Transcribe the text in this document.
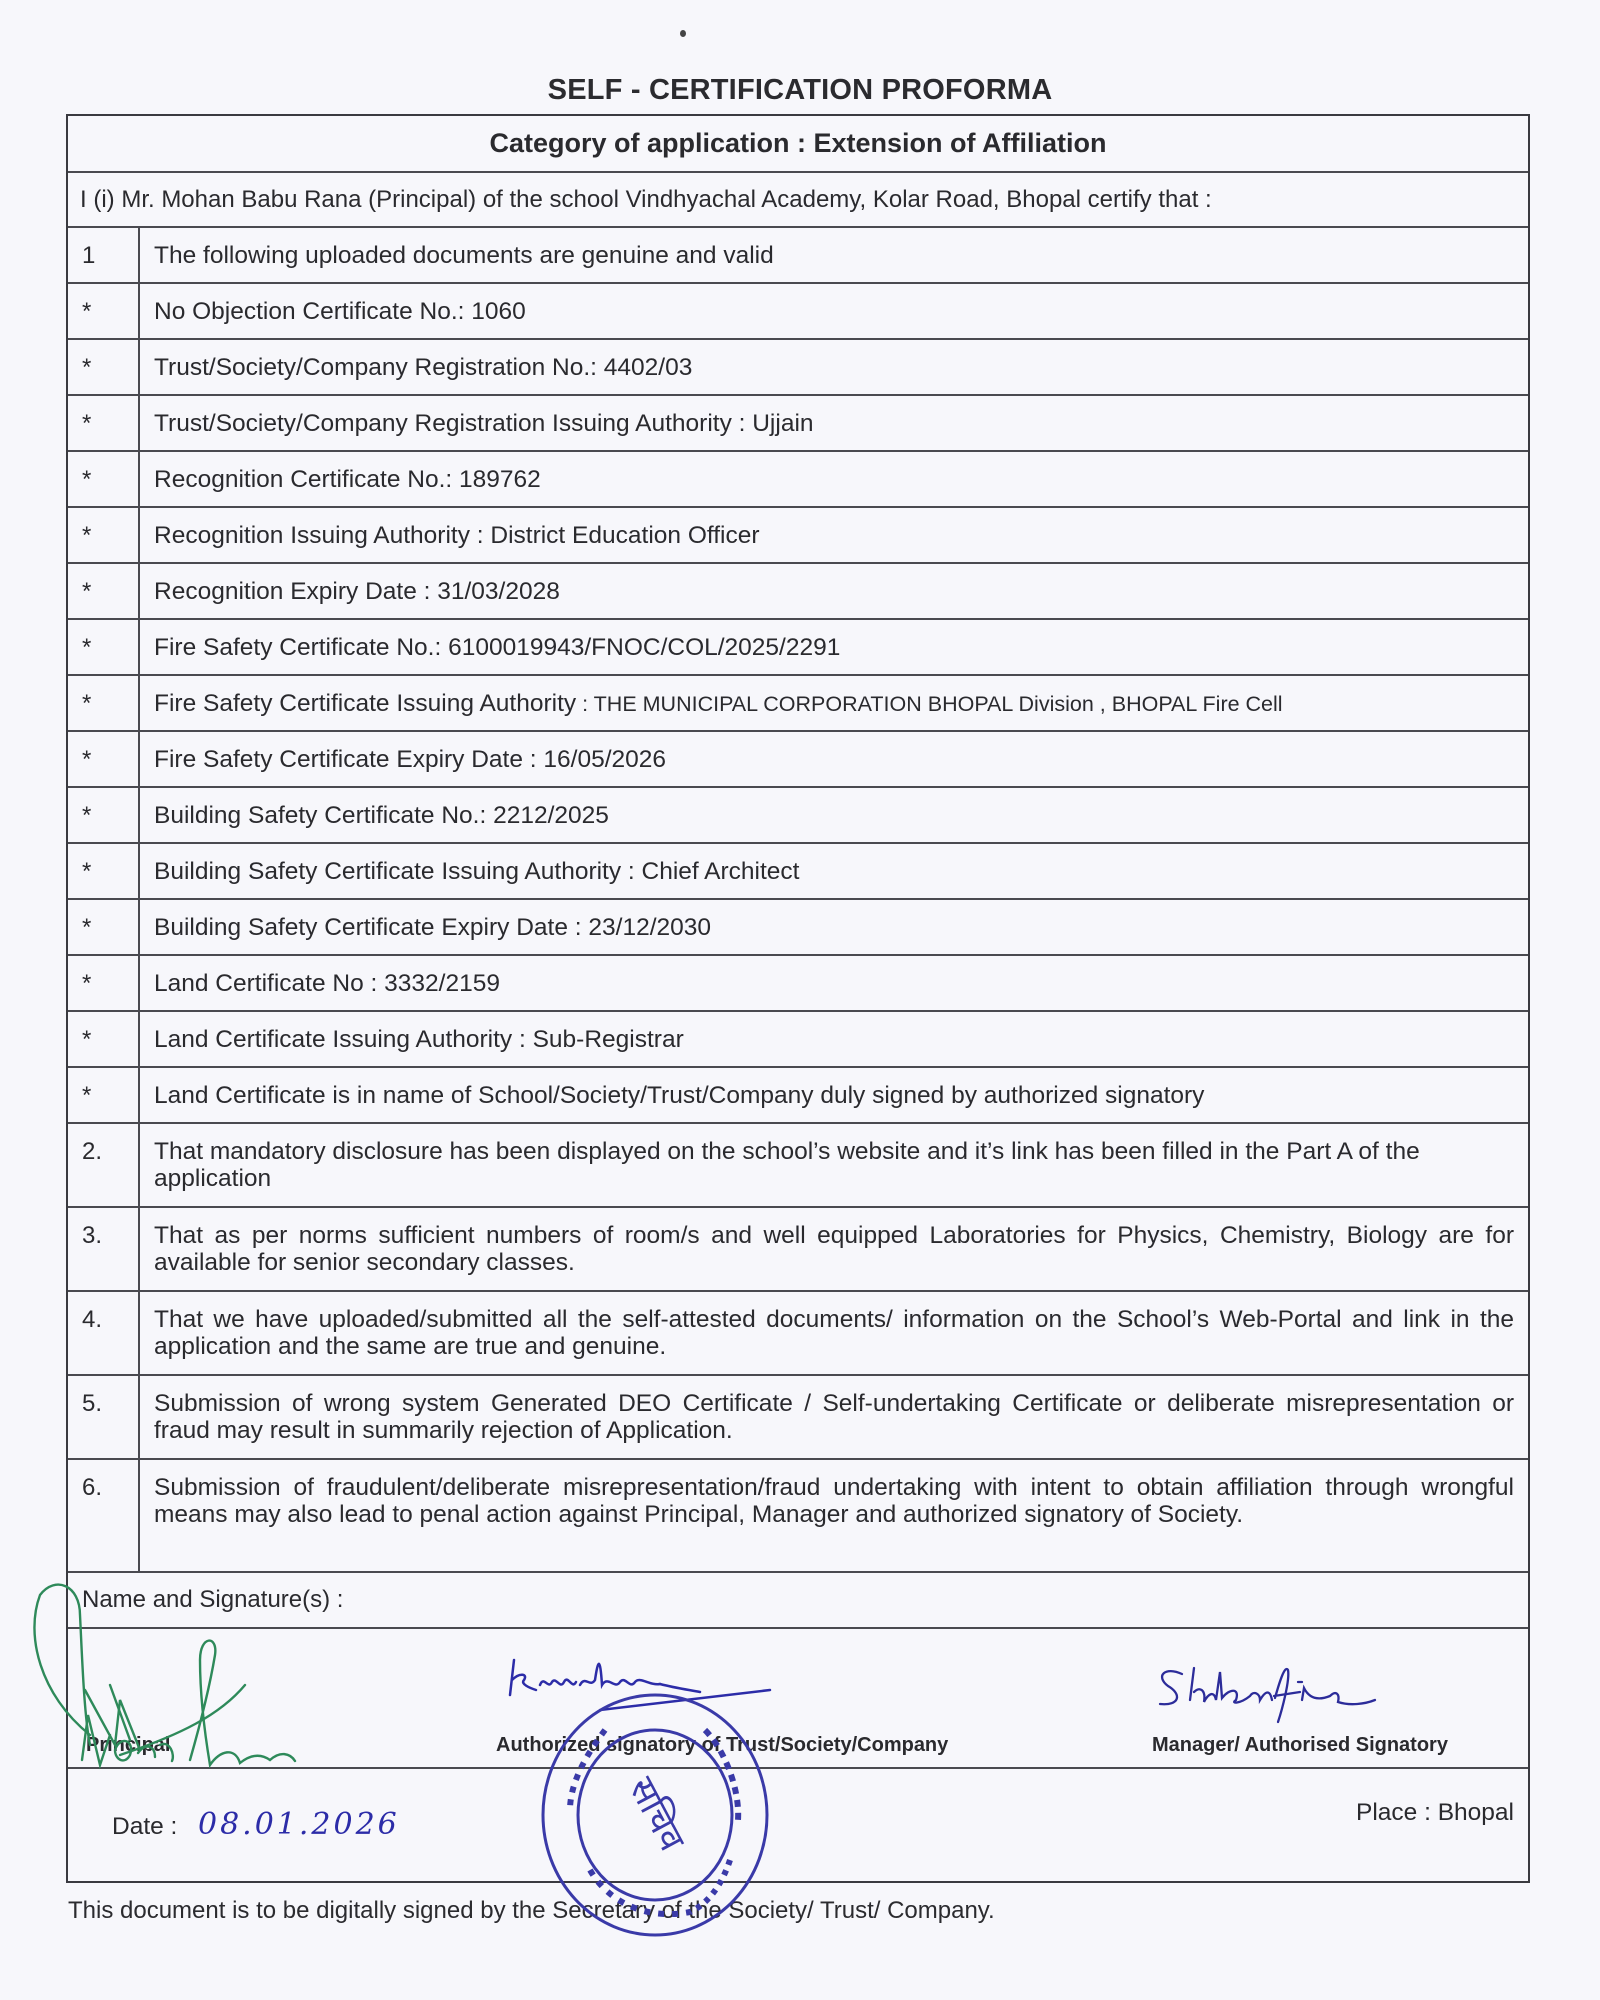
SELF - CERTIFICATION PROFORMA
Category of application : Extension of Affiliation
I (i) Mr. Mohan Babu Rana (Principal) of the school Vindhyachal Academy, Kolar Road, Bhopal certify that :
1	The following uploaded documents are genuine and valid
*	No Objection Certificate No.: 1060
*	Trust/Society/Company Registration No.: 4402/03
*	Trust/Society/Company Registration Issuing Authority : Ujjain
*	Recognition Certificate No.: 189762
*	Recognition Issuing Authority : District Education Officer
*	Recognition Expiry Date : 31/03/2028
*	Fire Safety Certificate No.: 6100019943/FNOC/COL/2025/2291
*	Fire Safety Certificate Issuing Authority : THE MUNICIPAL CORPORATION BHOPAL Division , BHOPAL Fire Cell
*	Fire Safety Certificate Expiry Date : 16/05/2026
*	Building Safety Certificate No.: 2212/2025
*	Building Safety Certificate Issuing Authority : Chief Architect
*	Building Safety Certificate Expiry Date : 23/12/2030
*	Land Certificate No : 3332/2159
*	Land Certificate Issuing Authority : Sub-Registrar
*	Land Certificate is in name of School/Society/Trust/Company duly signed by authorized signatory
2.	That mandatory disclosure has been displayed on the school’s website and it’s link has been filled in the Part A of the application
3.	That as per norms sufficient numbers of room/s and well equipped Laboratories for Physics, Chemistry, Biology are for available for senior secondary classes.
4.	That we have uploaded/submitted all the self-attested documents/ information on the School’s Web-Portal and link in the application and the same are true and genuine.
5.	Submission of wrong system Generated DEO Certificate / Self-undertaking Certificate or deliberate misrepresentation or fraud may result in summarily rejection of Application.
6.	Submission of fraudulent/deliberate misrepresentation/fraud undertaking with intent to obtain affiliation through wrongful means may also lead to penal action against Principal, Manager and authorized signatory of Society.
Name and Signature(s) :
Principal	Authorized signatory of Trust/Society/Company	Manager/ Authorised Signatory
Date : 08.01.2026	Place : Bhopal
This document is to be digitally signed by the Secretary of the Society/ Trust/ Company.
सचिव
